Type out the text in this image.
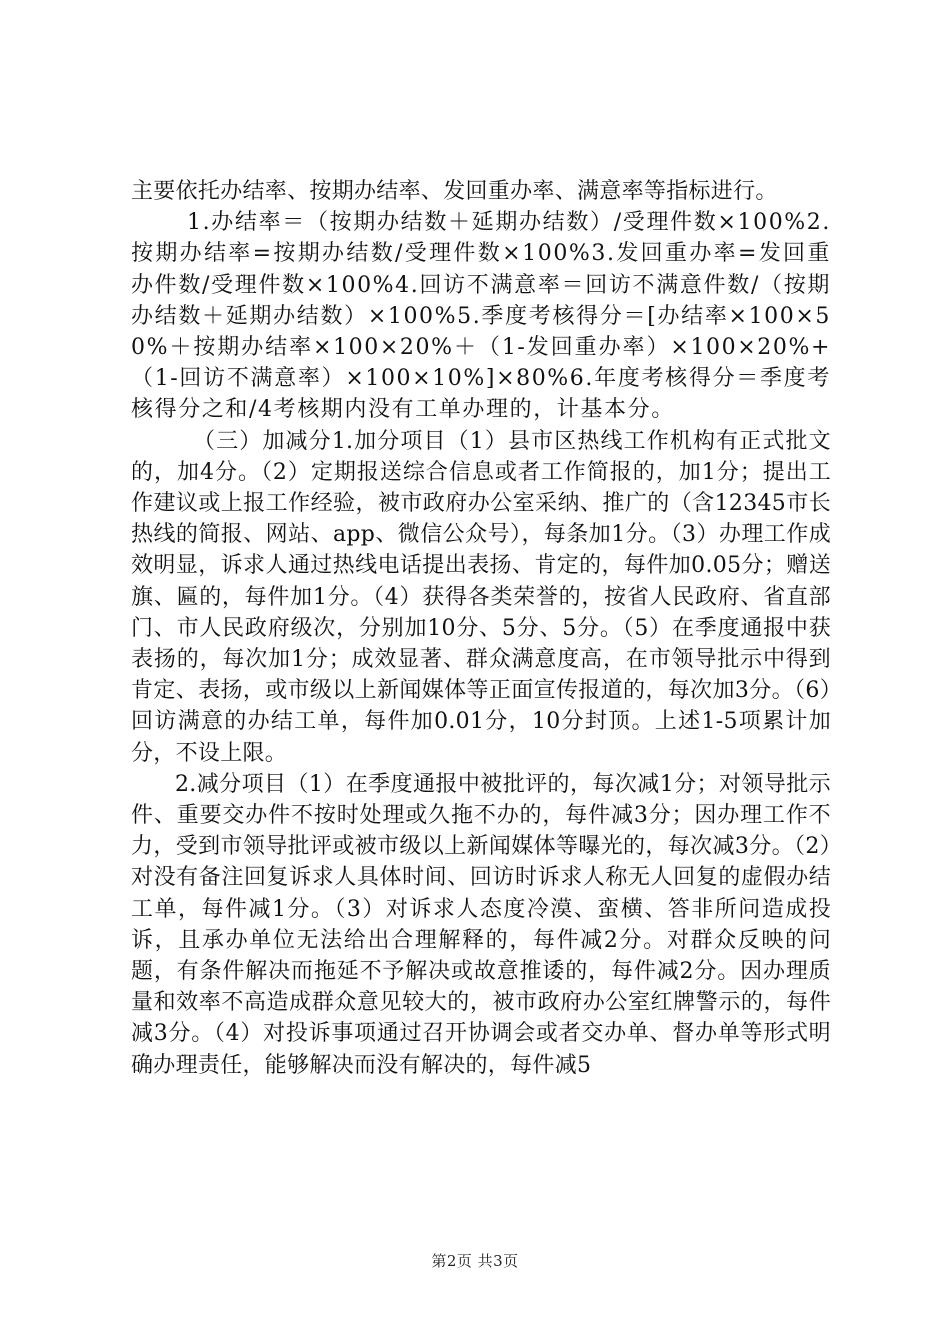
主要依托办结率、按期办结率、发回重办率、满意率等指标进行。

1.办结率＝（按期办结数＋延期办结数）/受理件数×100%2.按期办结率=按期办结数/受理件数×100%3.发回重办率=发回重办件数/受理件数×100%4.回访不满意率＝回访不满意件数/（按期办结数＋延期办结数）×100%5.季度考核得分＝[办结率×100×50%＋按期办结率×100×20%＋（1-发回重办率）×100×20%+（1-回访不满意率）×100×10%]×80%6.年度考核得分＝季度考核得分之和/4考核期内没有工单办理的，计基本分。

（三）加减分1.加分项目（1）县市区热线工作机构有正式批文的，加4分。（2）定期报送综合信息或者工作简报的，加1分；提出工作建议或上报工作经验，被市政府办公室采纳、推广的（含12345市长热线的简报、网站、app、微信公众号），每条加1分。（3）办理工作成效明显，诉求人通过热线电话提出表扬、肯定的，每件加0.05分；赠送旗、匾的，每件加1分。（4）获得各类荣誉的，按省人民政府、省直部门、市人民政府级次，分别加10分、5分、5分。（5）在季度通报中获表扬的，每次加1分；成效显著、群众满意度高，在市领导批示中得到肯定、表扬，或市级以上新闻媒体等正面宣传报道的，每次加3分。（6）回访满意的办结工单，每件加0.01分，10分封顶。上述1-5项累计加分，不设上限。

2.减分项目（1）在季度通报中被批评的，每次减1分；对领导批示件、重要交办件不按时处理或久拖不办的，每件减3分；因办理工作不力，受到市领导批评或被市级以上新闻媒体等曝光的，每次减3分。（2）对没有备注回复诉求人具体时间、回访时诉求人称无人回复的虚假办结工单，每件减1分。（3）对诉求人态度冷漠、蛮横、答非所问造成投诉，且承办单位无法给出合理解释的，每件减2分。对群众反映的问题，有条件解决而拖延不予解决或故意推诿的，每件减2分。因办理质量和效率不高造成群众意见较大的，被市政府办公室红牌警示的，每件减3分。（4）对投诉事项通过召开协调会或者交办单、督办单等形式明确办理责任，能够解决而没有解决的，每件减5

第2页 共3页
